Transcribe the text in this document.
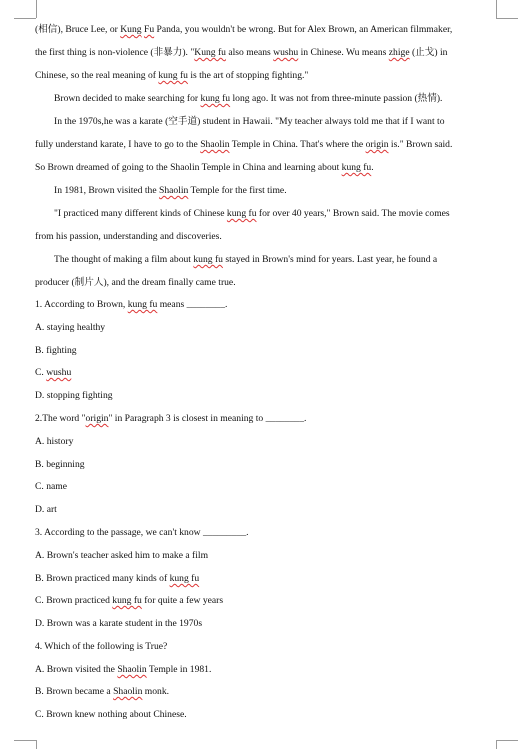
(相信), Bruce Lee, or Kung Fu Panda, you wouldn't be wrong. But for Alex Brown, an American filmmaker,
the first thing is non-violence (非暴力). "Kung fu also means wushu in Chinese. Wu means zhige (止戈) in
Chinese, so the real meaning of kung fu is the art of stopping fighting."
Brown decided to make searching for kung fu long ago. It was not from three-minute passion (热情).
In the 1970s,he was a karate (空手道) student in Hawaii. "My teacher always told me that if I want to
fully understand karate, I have to go to the Shaolin Temple in China. That's where the origin is." Brown said.
So Brown dreamed of going to the Shaolin Temple in China and learning about kung fu.
In 1981, Brown visited the Shaolin Temple for the first time.
"I practiced many different kinds of Chinese kung fu for over 40 years," Brown said. The movie comes
from his passion, understanding and discoveries.
The thought of making a film about kung fu stayed in Brown's mind for years. Last year, he found a
producer (制片人), and the dream finally came true.
1. According to Brown, kung fu means ________.
A. staying healthy
B. fighting
C. wushu
D. stopping fighting
2.The word "origin" in Paragraph 3 is closest in meaning to ________.
A. history
B. beginning
C. name
D. art
3. According to the passage, we can't know _________.
A. Brown's teacher asked him to make a film
B. Brown practiced many kinds of kung fu
C. Brown practiced kung fu for quite a few years
D. Brown was a karate student in the 1970s
4. Which of the following is True?
A. Brown visited the Shaolin Temple in 1981.
B. Brown became a Shaolin monk.
C. Brown knew nothing about Chinese.
